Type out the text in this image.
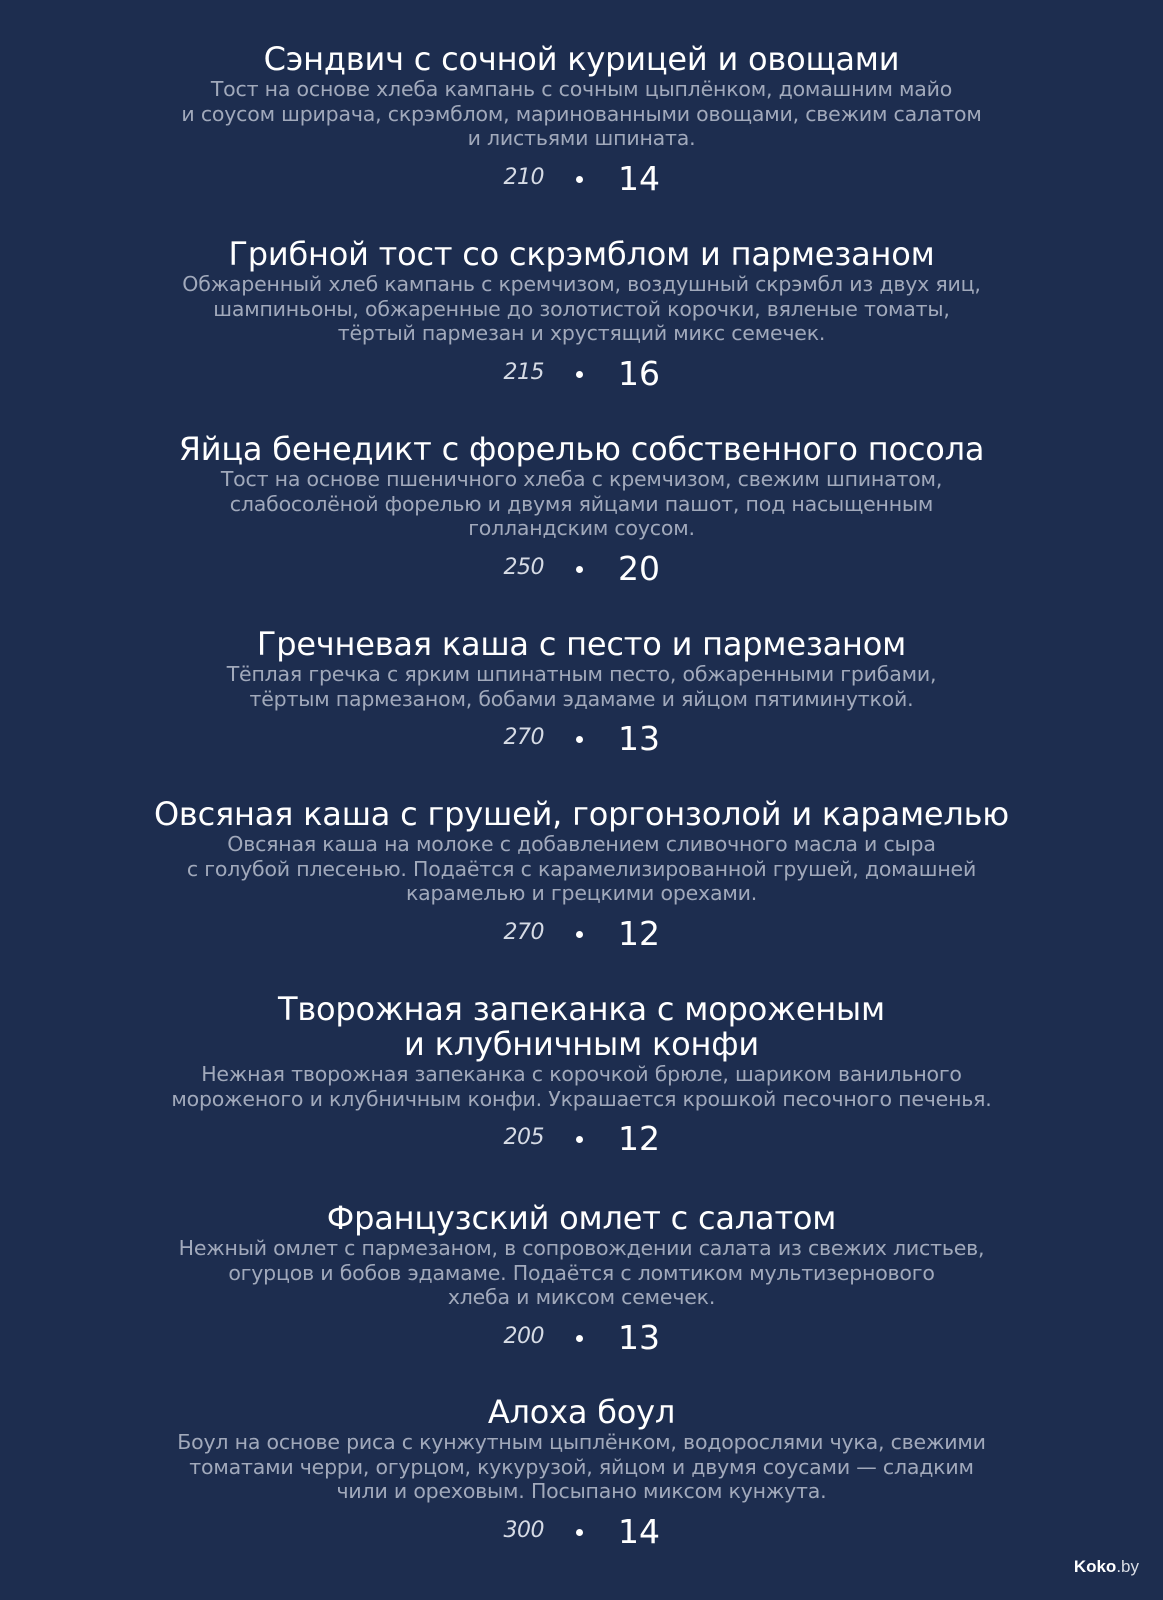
Сэндвич с сочной курицей и овощами

Тост на основе хлеба кампань с сочным цыплёнком, домашним майо
и соусом шрирача, скрэмблом, маринованными овощами, свежим салатом
и листьями шпината.

210 14
Грибной тост со скрэмблом и пармезаном

Обжаренный хлеб кампань с кремчизом, воздушный скрэмбл из двух яиц,
шампиньоны, обжаренные до золотистой корочки, вяленые томаты,
тёртый пармезан и хрустящий микс семечек.

215 16
Яйца бенедикт с форелью собственного посола

Тост на основе пшеничного хлеба с кремчизом, свежим шпинатом,
слабосолёной форелью и двумя яйцами пашот, под насыщенным
голландским соусом.

250 20
Гречневая каша с песто и пармезаном

Тёплая гречка с ярким шпинатным песто, обжаренными грибами,
тёртым пармезаном, бобами эдамаме и яйцом пятиминуткой.

270 13
Овсяная каша с грушей, горгонзолой и карамелью

Овсяная каша на молоке с добавлением сливочного масла и сыра
с голубой плесенью. Подаётся с карамелизированной грушей, домашней
карамелью и грецкими орехами.

270 12
Творожная запеканка с мороженым
и клубничным конфи

Нежная творожная запеканка с корочкой брюле, шариком ванильного
мороженого и клубничным конфи. Украшается крошкой песочного печенья.

205 12
Французский омлет с салатом

Нежный омлет с пармезаном, в сопровождении салата из свежих листьев,
огурцов и бобов эдамаме. Подаётся с ломтиком мультизернового
хлеба и миксом семечек.

200 13
Алоха боул

Боул на основе риса с кунжутным цыплёнком, водорослями чука, свежими
томатами черри, огурцом, кукурузой, яйцом и двумя соусами — сладким
чили и ореховым. Посыпано миксом кунжута.

300 14
Koko.by
